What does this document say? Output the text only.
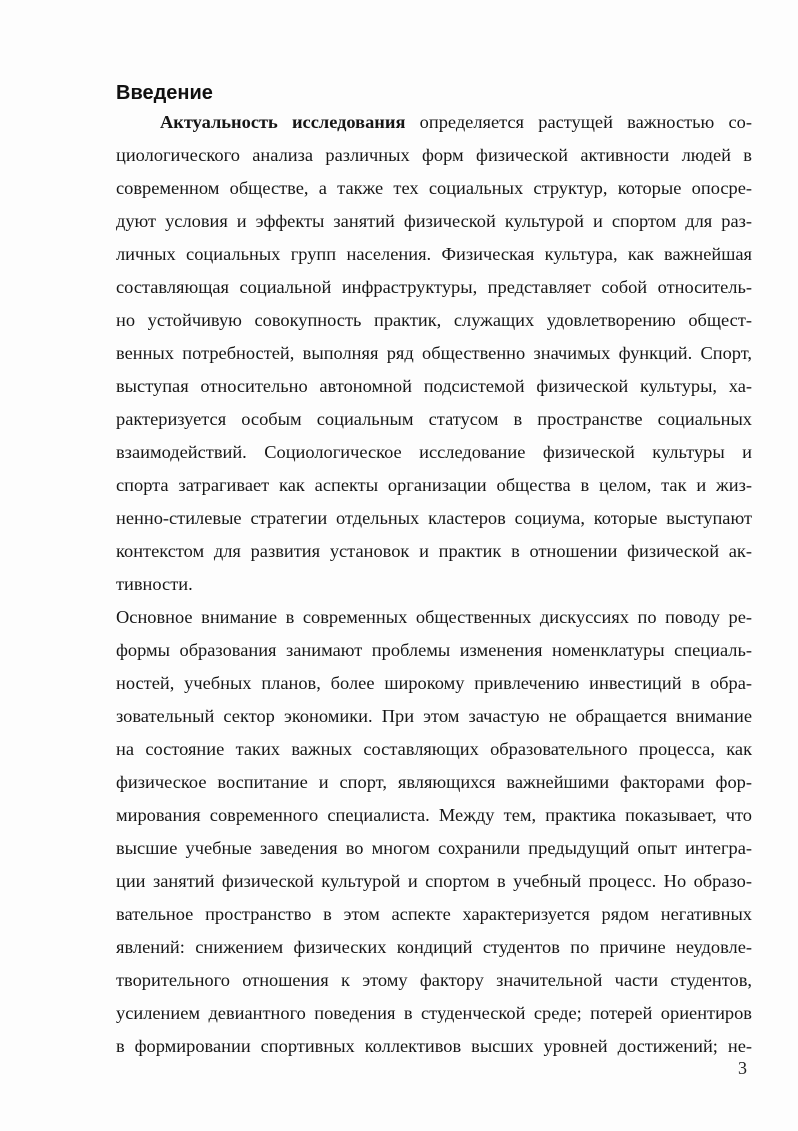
Введение
Актуальность исследования определяется растущей важностью со-
циологического анализа различных форм физической активности людей в
современном обществе, а также тех социальных структур, которые опосре-
дуют условия и эффекты занятий физической культурой и спортом для раз-
личных социальных групп населения. Физическая культура, как важнейшая
составляющая социальной инфраструктуры, представляет собой относитель-
но устойчивую совокупность практик, служащих удовлетворению общест-
венных потребностей, выполняя ряд общественно значимых функций. Спорт,
выступая относительно автономной подсистемой физической культуры, ха-
рактеризуется особым социальным статусом в пространстве социальных
взаимодействий. Социологическое исследование физической культуры и
спорта затрагивает как аспекты организации общества в целом, так и жиз-
ненно-стилевые стратегии отдельных кластеров социума, которые выступают
контекстом для развития установок и практик в отношении физической ак-
тивности.
Основное внимание в современных общественных дискуссиях по поводу ре-
формы образования занимают проблемы изменения номенклатуры специаль-
ностей, учебных планов, более широкому привлечению инвестиций в обра-
зовательный сектор экономики. При этом зачастую не обращается внимание
на состояние таких важных составляющих образовательного процесса, как
физическое воспитание и спорт, являющихся важнейшими факторами фор-
мирования современного специалиста. Между тем, практика показывает, что
высшие учебные заведения во многом сохранили предыдущий опыт интегра-
ции занятий физической культурой и спортом в учебный процесс. Но образо-
вательное пространство в этом аспекте характеризуется рядом негативных
явлений: снижением физических кондиций студентов по причине неудовле-
творительного отношения к этому фактору значительной части студентов,
усилением девиантного поведения в студенческой среде; потерей ориентиров
в формировании спортивных коллективов высших уровней достижений; не-
3
